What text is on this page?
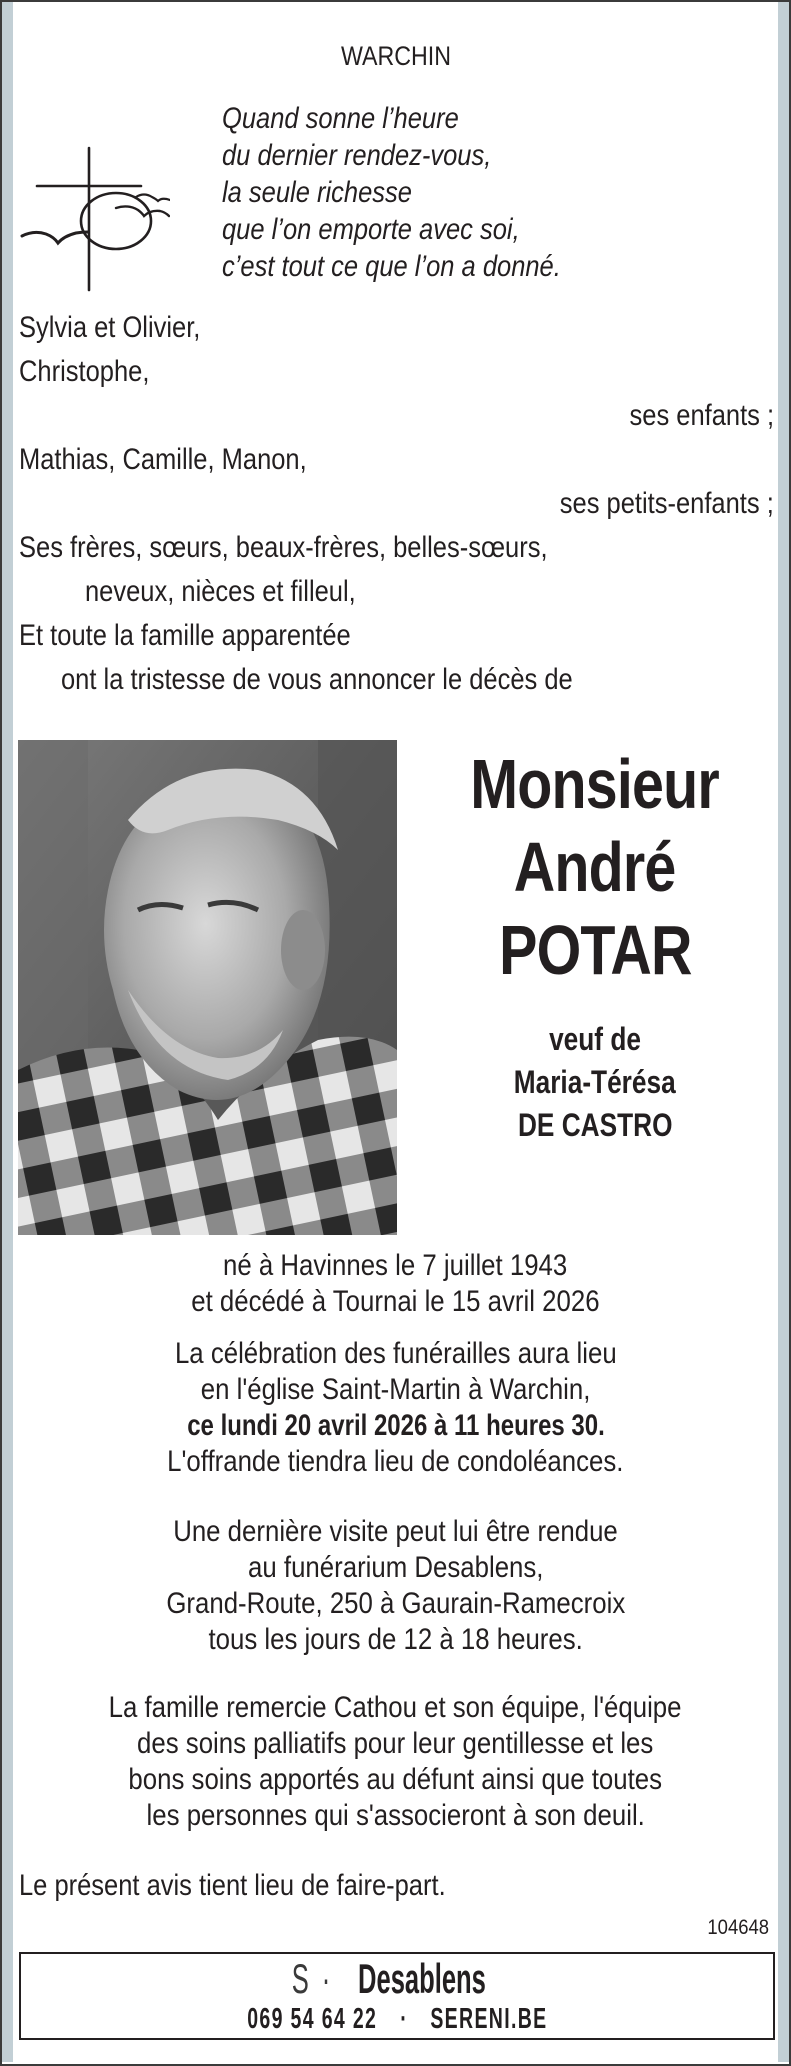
WARCHIN
Quand sonne l’heure
du dernier rendez-vous,
la seule richesse
que l’on emporte avec soi,
c’est tout ce que l’on a donné.
Sylvia et Olivier,
Christophe,
ses enfants ;
Mathias, Camille, Manon,
ses petits-enfants ;
Ses frères, sœurs, beaux-frères, belles-sœurs,
neveux, nièces et filleul,
Et toute la famille apparentée
ont la tristesse de vous annoncer le décès de
Monsieur
André
POTAR
veuf de
Maria-Térésa
DE CASTRO
né à Havinnes le 7 juillet 1943
et décédé à Tournai le 15 avril 2026
La célébration des funérailles aura lieu
en l'église Saint-Martin à Warchin,
ce lundi 20 avril 2026 à 11 heures 30.
L'offrande tiendra lieu de condoléances.
Une dernière visite peut lui être rendue
au funérarium Desablens,
Grand-Route, 250 à Gaurain-Ramecroix
tous les jours de 12 à 18 heures.
La famille remercie Cathou et son équipe, l'équipe
des soins palliatifs pour leur gentillesse et les
bons soins apportés au défunt ainsi que toutes
les personnes qui s'associeront à son deuil.
Le présent avis tient lieu de faire-part.
104648
S · Desablens
069 54 64 22 · SERENI.BE
